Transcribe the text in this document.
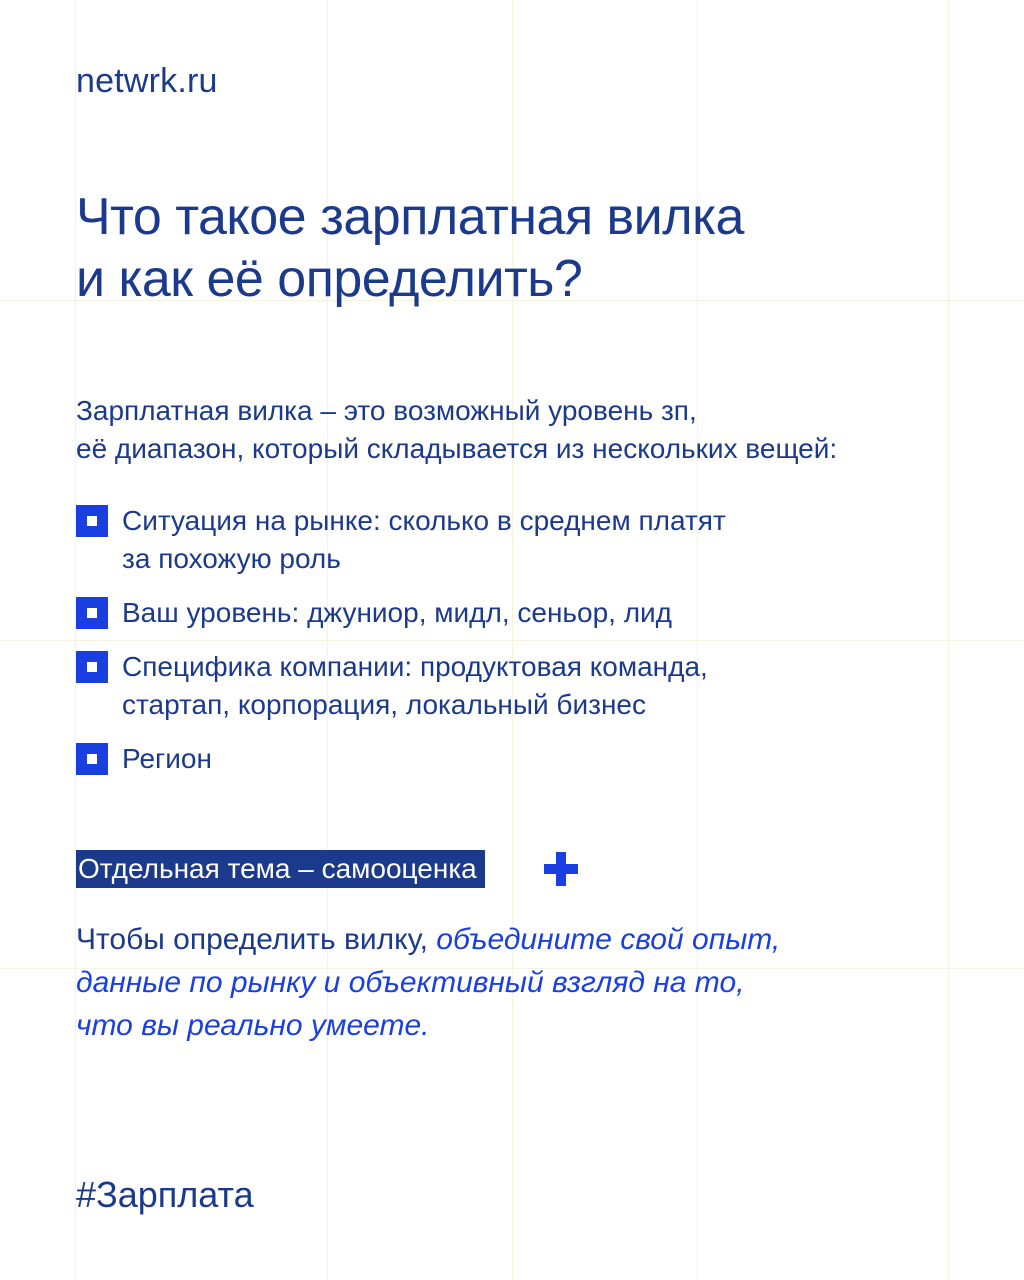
netwrk.ru
Что такое зарплатная вилка
и как её определить?
Зарплатная вилка – это возможный уровень зп,
её диапазон, который складывается из нескольких вещей:
Ситуация на рынке: сколько в среднем платят
за похожую роль
Ваш уровень: джуниор, мидл, сеньор, лид
Специфика компании: продуктовая команда,
стартап, корпорация, локальный бизнес
Регион
Отдельная тема – самооценка
Чтобы определить вилку, объедините свой опыт,
данные по рынку и объективный взгляд на то,
что вы реально умеете.
#Зарплата
